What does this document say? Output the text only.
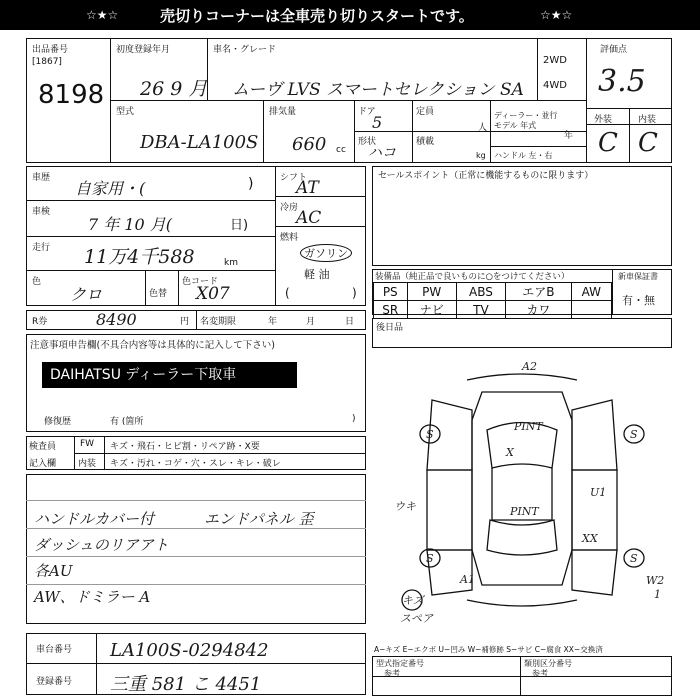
☆★☆	売切りコーナーは全車売り切りスタートです。	☆★☆
出品番号
[1867]
8198
初度登録年月
26 9 月
車名・グレード
ムーヴ LVS スマートセレクション SA
2WD
4WD
評価点
3.5
型式
DBA-LA100S
排気量
660 cc
ドア
5
形状
ハコ
定員
人
積載
kg
ディーラー・並行
モデル 年式
年
ハンドル 左・右
外装	内装
C C
車歴
自家用・(	)
車検
7 年 10 月(	日)
走行 11万4千588	km
色
クロ	色替
色コード
X07
シフト
AT
冷房
AC
燃料
ガソリン
軽 油
(	)
R券	8490	円 名変期限	年	月	日
注意事項申告欄(不具合内容等は具体的に記入して下さい)
DAIHATSU ディーラー下取車
修復歴	有 (箇所	)
検査員
記入欄
FW キズ・飛石・ヒビ割・リペア跡・X要
内装 キズ・汚れ・コゲ・穴・スレ・キレ・破レ
ハンドルカバー付	エンドパネル 歪
ダッシュのリアアト
各AU
AW、ドミラー A
車台番号 LA100S-0294842
登録番号 三重 581 こ 4451
セールスポイント（正常に機能するものに限ります）
装備品（純正品で良いものに○をつけてください）	新車保証書
有・無
PS	PW	ABS	エアB	AW
SR	ナビ	TV	カワ	
後日品
A2
S
PINT
X
PINT
U1
ウキ
XX
S
A1	W2
1
キズ
スペア
S
S
A−キズ E−エクボ U−凹み W−補修跡 S−サビ C−腐食 XX−交換済
型式指定番号
参考
類別区分番号
参考
